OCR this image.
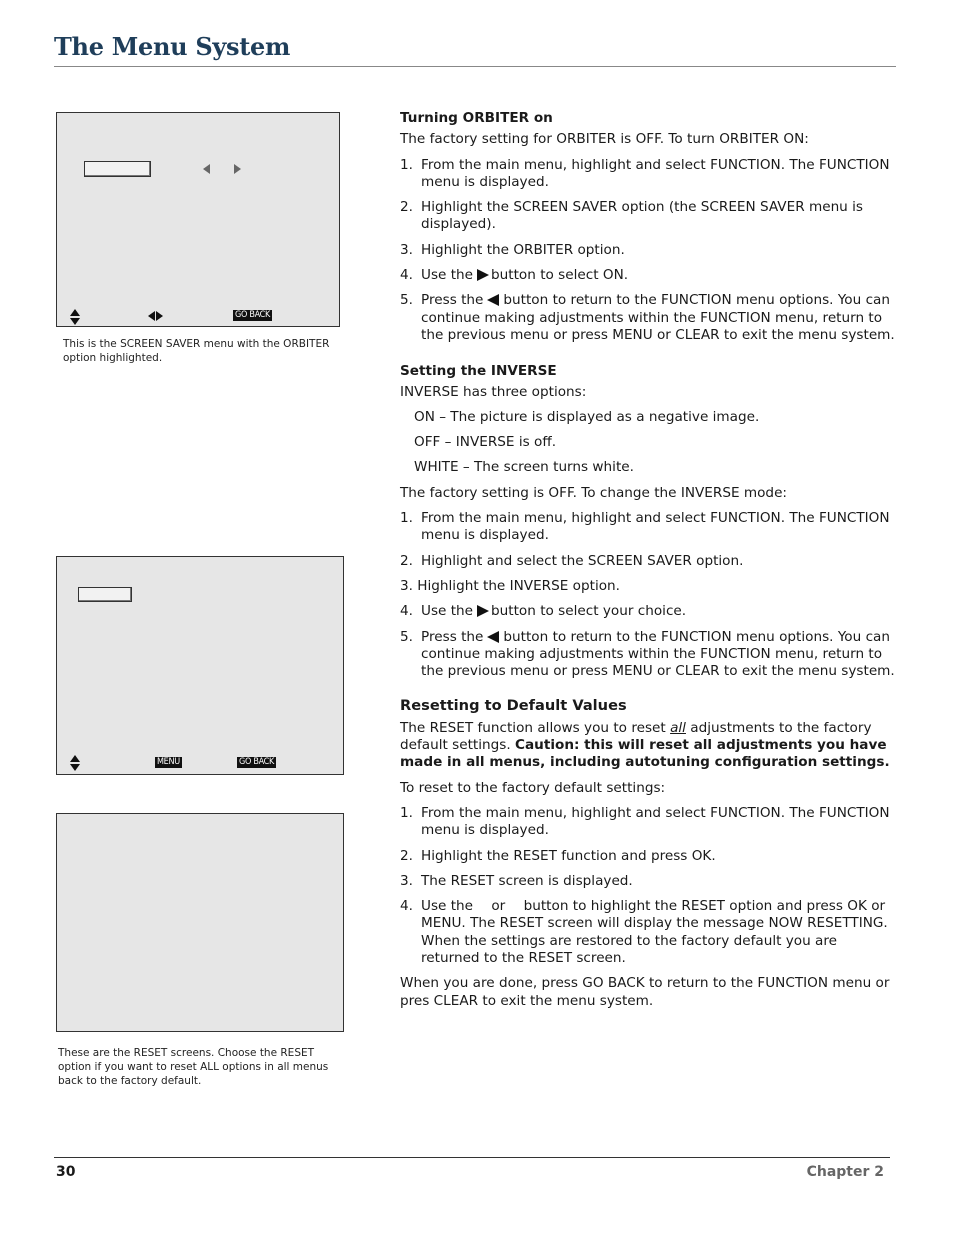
The Menu System
GO BACK
This is the SCREEN SAVER menu with the ORBITER option highlighted.
MENU	GO BACK
These are the RESET screens. Choose the RESET option if you want to reset ALL options in all menus back to the factory default.

Turning ORBITER on

The factory setting for ORBITER is OFF. To turn ORBITER ON:

1. From the main menu, highlight and select FUNCTION. The FUNCTION menu is displayed.
2. Highlight the SCREEN SAVER option (the SCREEN SAVER menu is displayed).
3. Highlight the ORBITER option.
4. Use the button to select ON.
5. Press the button to return to the FUNCTION menu options. You can continue making adjustments within the FUNCTION menu, return to the previous menu or press MENU or CLEAR to exit the menu system.

Setting the INVERSE

INVERSE has three options:

ON – The picture is displayed as a negative image.

OFF – INVERSE is off.

WHITE – The screen turns white.

The factory setting is OFF. To change the INVERSE mode:

1. From the main menu, highlight and select FUNCTION. The FUNCTION menu is displayed.
2. Highlight and select the SCREEN SAVER option.

3. Highlight the INVERSE option.

4. Use the button to select your choice.
5. Press the button to return to the FUNCTION menu options. You can continue making adjustments within the FUNCTION menu, return to the previous menu or press MENU or CLEAR to exit the menu system.

Resetting to Default Values

The RESET function allows you to reset all adjustments to the factory default settings. Caution: this will reset all adjustments you have made in all menus, including autotuning configuration settings.

To reset to the factory default settings:

1. From the main menu, highlight and select FUNCTION. The FUNCTION menu is displayed.
2. Highlight the RESET function and press OK.
3. The RESET screen is displayed.
4. Use the or button to highlight the RESET option and press OK or MENU. The RESET screen will display the message NOW RESETTING. When the settings are restored to the factory default you are returned to the RESET screen.

When you are done, press GO BACK to return to the FUNCTION menu or pres CLEAR to exit the menu system.

30	Chapter 2
